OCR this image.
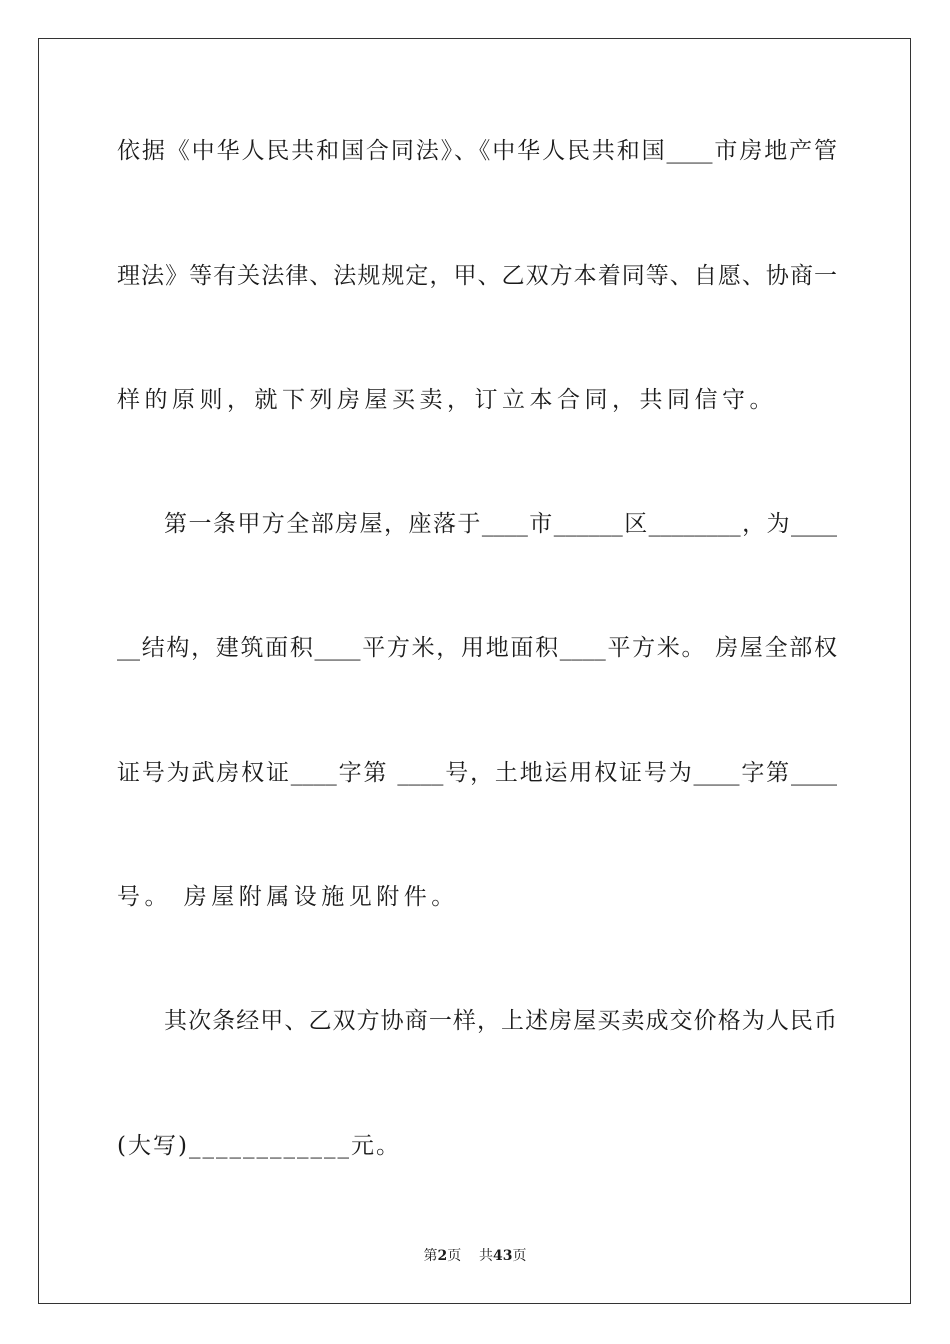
依据《中华人民共和国合同法》、《中华人民共和国____市房地产管
理法》等有关法律、法规规定，甲、乙双方本着同等、自愿、协商一
样的原则，就下列房屋买卖，订立本合同，共同信守。
第一条甲方全部房屋，座落于____市______区________，为____
__结构，建筑面积____平方米，用地面积____平方米。 房屋全部权
证号为武房权证____字第 ____号，土地运用权证号为____字第____
号。 房屋附属设施见附件。
其次条经甲、乙双方协商一样，上述房屋买卖成交价格为人民币
(大写)____________元。
第2页 共43页
